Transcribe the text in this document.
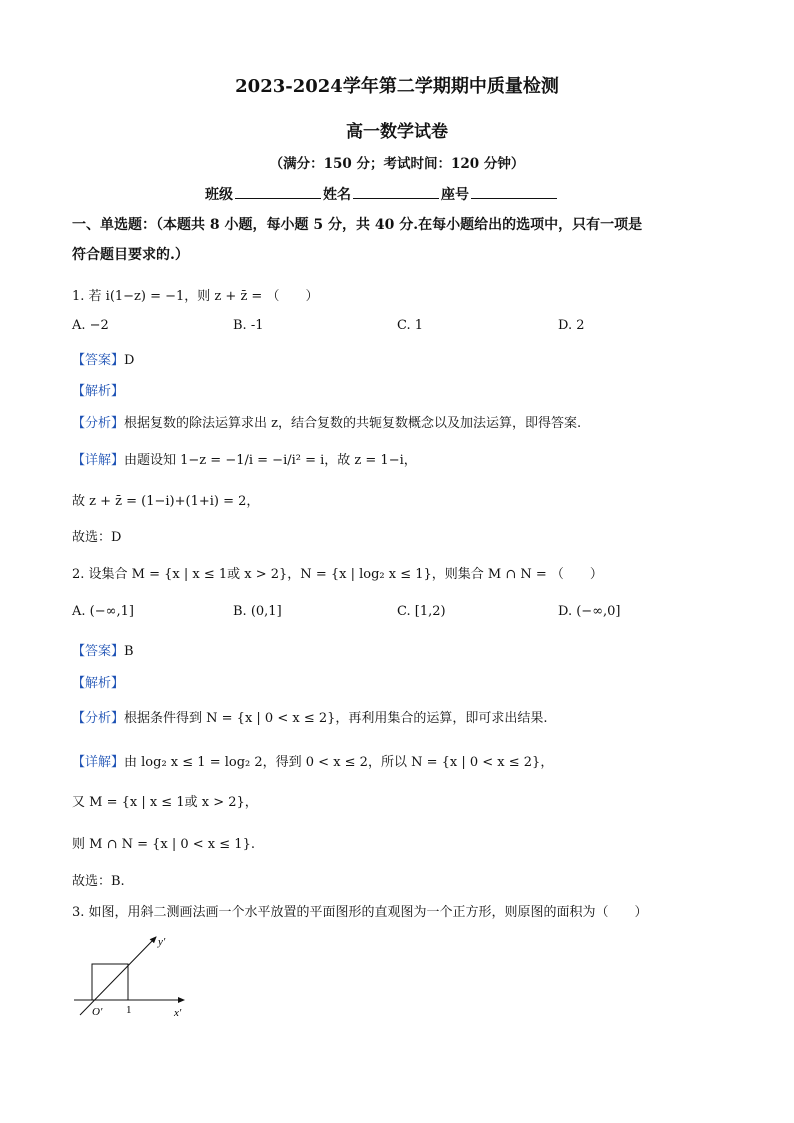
2023-2024学年第二学期期中质量检测
高一数学试卷
（满分：150 分；考试时间：120 分钟）
班级	姓名	座号
一、单选题：（本题共 8 小题，每小题 5 分，共 40 分.在每小题给出的选项中，只有一项是
符合题目要求的.）
1. 若 i(1−z) = −1，则 z + z̄ = （　　）
A. −2	B. -1	C. 1	D. 2
【答案】D
【解析】
【分析】根据复数的除法运算求出 z，结合复数的共轭复数概念以及加法运算，即得答案.
【详解】由题设知 1−z = −1/i = −i/i² = i，故 z = 1−i，
故 z + z̄ = (1−i)+(1+i) = 2，
故选：D
2. 设集合 M = {x | x ≤ 1或 x > 2}，N = {x | log₂ x ≤ 1}，则集合 M ∩ N = （　　）
A. (−∞,1]	B. (0,1]	C. [1,2)	D. (−∞,0]
【答案】B
【解析】
【分析】根据条件得到 N = {x | 0 < x ≤ 2}，再利用集合的运算，即可求出结果.
【详解】由 log₂ x ≤ 1 = log₂ 2，得到 0 < x ≤ 2，所以 N = {x | 0 < x ≤ 2}，
又 M = {x | x ≤ 1或 x > 2}，
则 M ∩ N = {x | 0 < x ≤ 1}.
故选：B.
3. 如图，用斜二测画法画一个水平放置的平面图形的直观图为一个正方形，则原图的面积为（　　）
y′
x′
O′ 1
